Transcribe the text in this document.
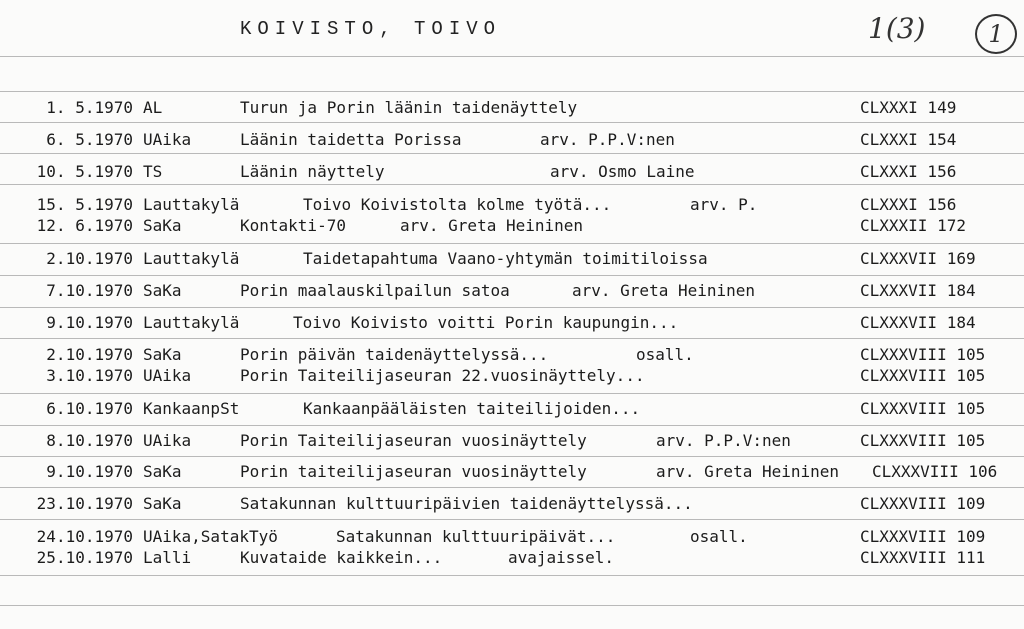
KOIVISTO, TOIVO	1(3)	1
1. 5.1970 AL	Turun ja Porin läänin taidenäyttely	CLXXXI 149
6. 5.1970 UAika	Läänin taidetta Porissa	arv. P.P.V:nen	CLXXXI 154
10. 5.1970 TS	Läänin näyttely	arv. Osmo Laine	CLXXXI 156
15. 5.1970 Lauttakylä	Toivo Koivistolta kolme työtä...	arv. P.	CLXXXI 156
12. 6.1970 SaKa	Kontakti-70	arv. Greta Heininen	CLXXXII 172
2.10.1970 Lauttakylä	Taidetapahtuma Vaano-yhtymän toimitiloissa	CLXXXVII 169
7.10.1970 SaKa	Porin maalauskilpailun satoa	arv. Greta Heininen	CLXXXVII 184
9.10.1970 Lauttakylä	Toivo Koivisto voitti Porin kaupungin...	CLXXXVII 184
2.10.1970 SaKa	Porin päivän taidenäyttelyssä...	osall.	CLXXXVIII 105
3.10.1970 UAika	Porin Taiteilijaseuran 22.vuosinäyttely...	CLXXXVIII 105
6.10.1970 KankaanpSt	Kankaanpääläisten taiteilijoiden...	CLXXXVIII 105
8.10.1970 UAika	Porin Taiteilijaseuran vuosinäyttely	arv. P.P.V:nen	CLXXXVIII 105
9.10.1970 SaKa	Porin taiteilijaseuran vuosinäyttely	arv. Greta Heininen CLXXXVIII 106
23.10.1970 SaKa	Satakunnan kulttuuripäivien taidenäyttelyssä...	CLXXXVIII 109
24.10.1970 UAika,SatakTyö	Satakunnan kulttuuripäivät...	osall.	CLXXXVIII 109
25.10.1970 Lalli	Kuvataide kaikkein...	avajaissel.	CLXXXVIII 111
